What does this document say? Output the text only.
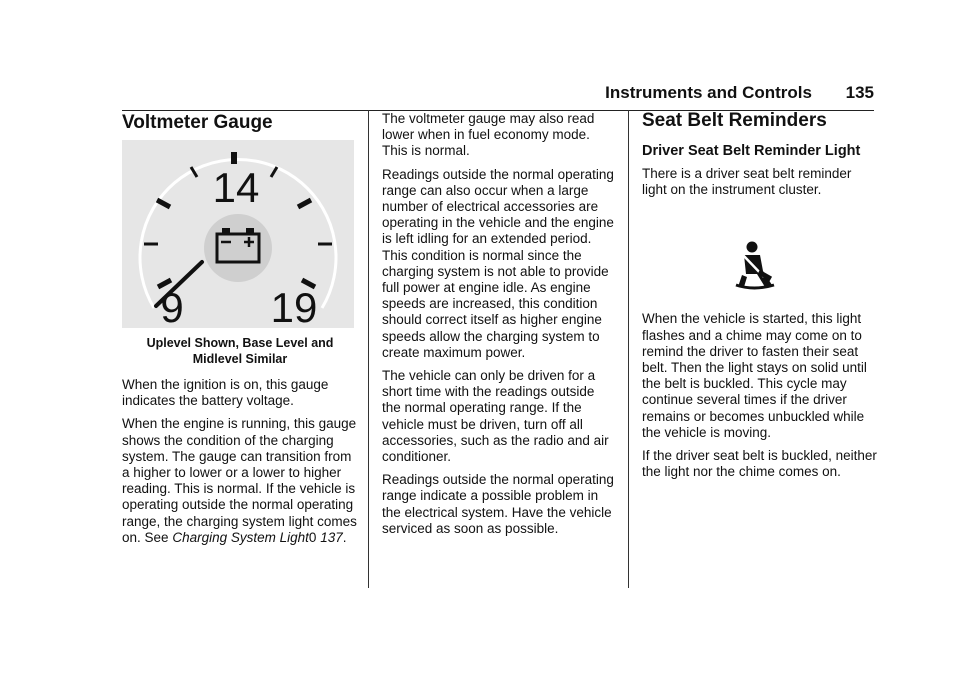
Instruments and Controls 135
Voltmeter Gauge
14
9 19
Uplevel Shown, Base Level and
Midlevel Similar

When the ignition is on, this gauge indicates the battery voltage.

When the engine is running, this gauge shows the condition of the charging system. The gauge can transition from a higher to lower or a lower to higher reading. This is normal. If the vehicle is operating outside the normal operating range, the charging system light comes on. See Charging System Light0 137.

The voltmeter gauge may also read lower when in fuel economy mode. This is normal.

Readings outside the normal operating range can also occur when a large number of electrical accessories are operating in the vehicle and the engine is left idling for an extended period. This condition is normal since the charging system is not able to provide full power at engine idle. As engine speeds are increased, this condition should correct itself as higher engine speeds allow the charging system to create maximum power.

The vehicle can only be driven for a short time with the readings outside the normal operating range. If the vehicle must be driven, turn off all accessories, such as the radio and air conditioner.

Readings outside the normal operating range indicate a possible problem in the electrical system. Have the vehicle serviced as soon as possible.

Seat Belt Reminders
Driver Seat Belt Reminder Light

There is a driver seat belt reminder light on the instrument cluster.

When the vehicle is started, this light flashes and a chime may come on to remind the driver to fasten their seat belt. Then the light stays on solid until the belt is buckled. This cycle may continue several times if the driver remains or becomes unbuckled while the vehicle is moving.

If the driver seat belt is buckled, neither the light nor the chime comes on.
